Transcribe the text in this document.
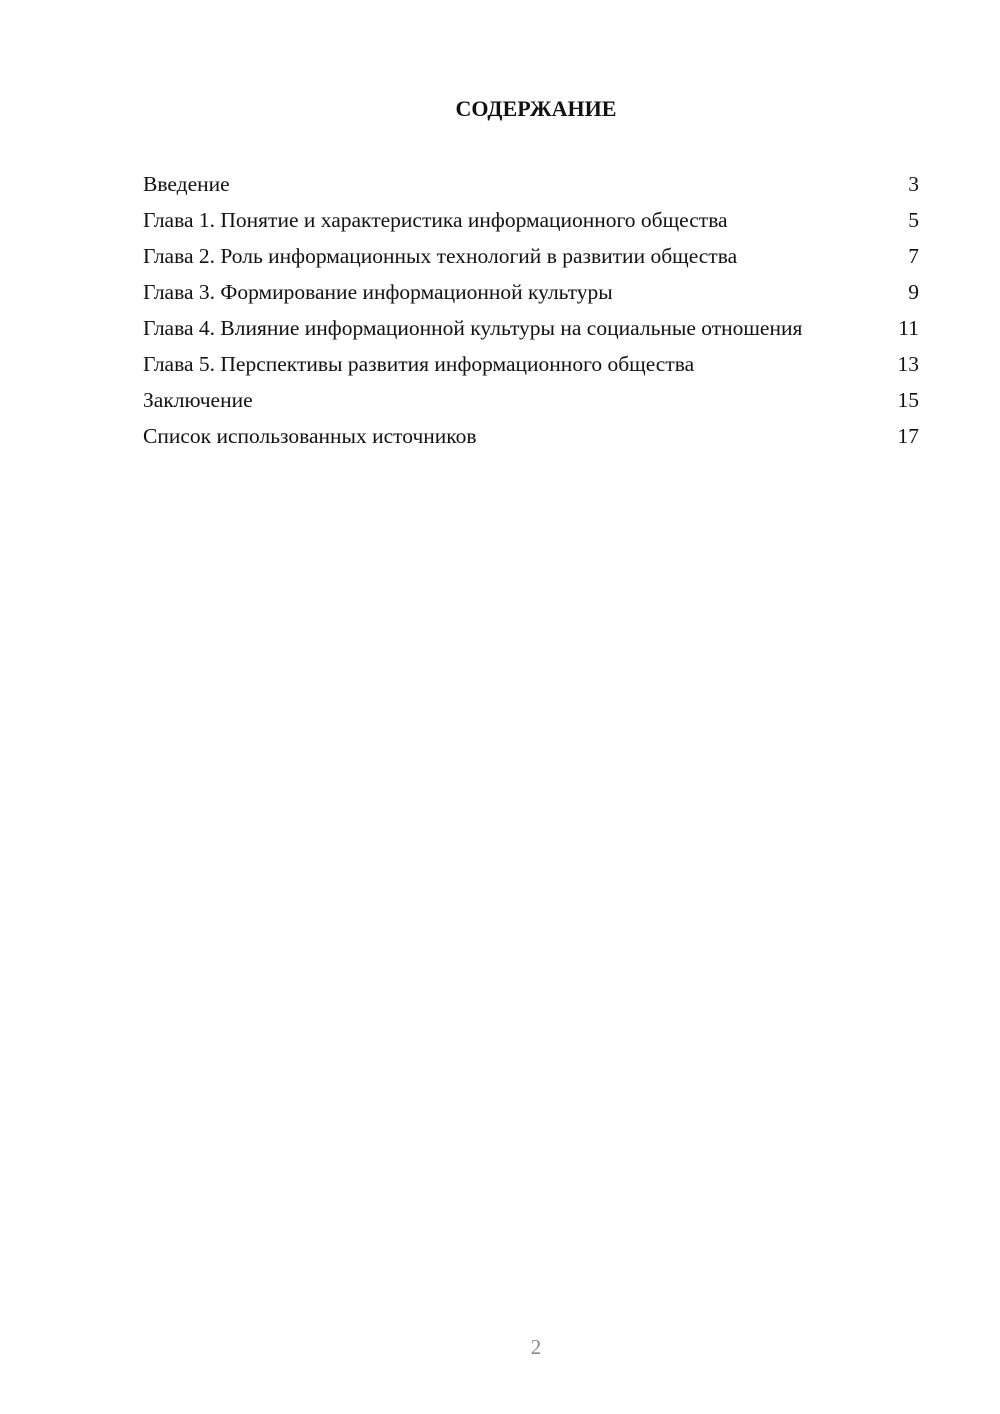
СОДЕРЖАНИЕ
Введение	3
Глава 1. Понятие и характеристика информационного общества	5
Глава 2. Роль информационных технологий в развитии общества	7
Глава 3. Формирование информационной культуры	9
Глава 4. Влияние информационной культуры на социальные отношения	11
Глава 5. Перспективы развития информационного общества	13
Заключение	15
Список использованных источников	17
2
